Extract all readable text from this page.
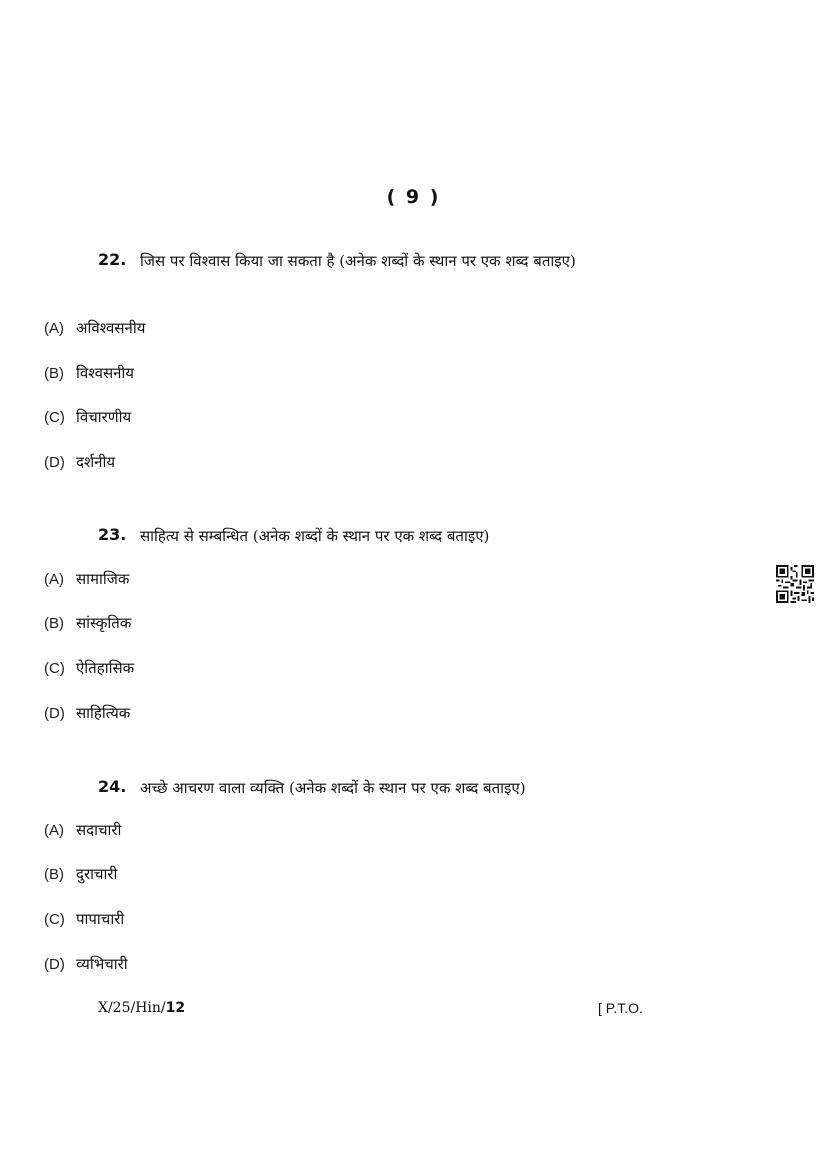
( 9 )
22. जिस पर विश्वास किया जा सकता है (अनेक शब्दों के स्थान पर एक शब्द बताइए)
(A) अविश्वसनीय
(B) विश्वसनीय
(C) विचारणीय
(D) दर्शनीय
23. साहित्य से सम्बन्धित (अनेक शब्दों के स्थान पर एक शब्द बताइए)
(A) सामाजिक
(B) सांस्कृतिक
(C) ऐतिहासिक
(D) साहित्यिक
24. अच्छे आचरण वाला व्यक्ति (अनेक शब्दों के स्थान पर एक शब्द बताइए)
(A) सदाचारी
(B) दुराचारी
(C) पापाचारी
(D) व्यभिचारी
X/25/Hin/12	[ P.T.O.
